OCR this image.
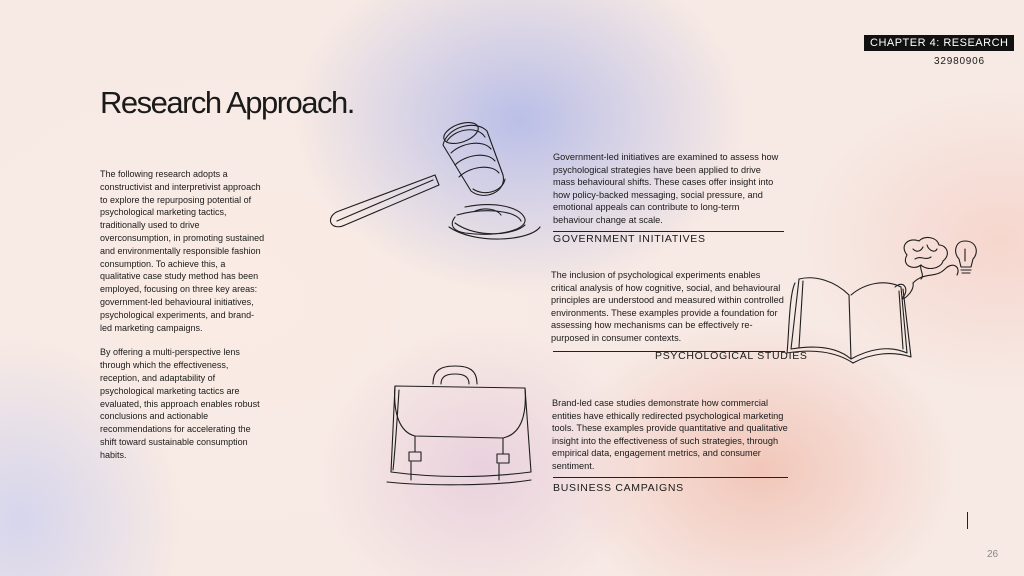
CHAPTER 4: RESEARCH
32980906
Research Approach.

The following research adopts a constructivist and interpretivist approach to explore the repurposing potential of psychological marketing tactics, traditionally used to drive overconsumption, in promoting sustained and environmentally responsible fashion consumption. To achieve this, a qualitative case study method has been employed, focusing on three key areas: government-led behavioural initiatives, psychological experiments, and brand-led marketing campaigns.

By offering a multi-perspective lens through which the effectiveness, reception, and adaptability of psychological marketing tactics are evaluated, this approach enables robust conclusions and actionable recommendations for accelerating the shift toward sustainable consumption habits.

Government-led initiatives are examined to assess how psychological strategies have been applied to drive mass behavioural shifts. These cases offer insight into how policy-backed messaging, social pressure, and emotional appeals can contribute to long-term behaviour change at scale.
GOVERNMENT INITIATIVES
The inclusion of psychological experiments enables critical analysis of how cognitive, social, and behavioural principles are understood and measured within controlled environments. These examples provide a foundation for assessing how mechanisms can be effectively re-purposed in consumer contexts.
PSYCHOLOGICAL STUDIES
Brand-led case studies demonstrate how commercial entities have ethically redirected psychological marketing tools. These examples provide quantitative and qualitative insight into the effectiveness of such strategies, through empirical data, engagement metrics, and consumer sentiment.
BUSINESS CAMPAIGNS
26
